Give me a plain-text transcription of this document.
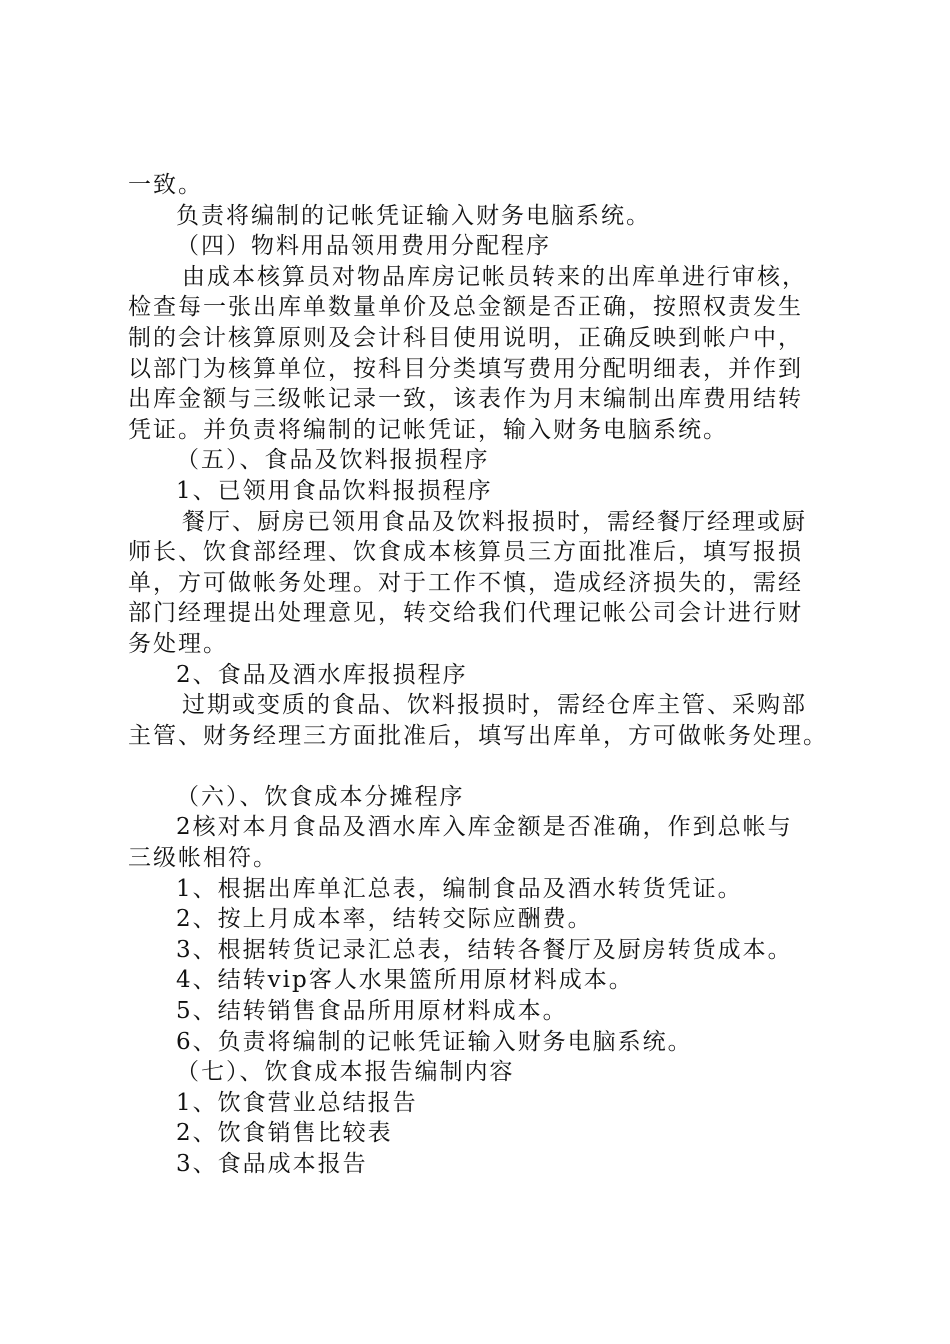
一致。

负责将编制的记帐凭证输入财务电脑系统。

（四）物料用品领用费用分配程序

由成本核算员对物品库房记帐员转来的出库单进行审核，

检查每一张出库单数量单价及总金额是否正确，按照权责发生

制的会计核算原则及会计科目使用说明，正确反映到帐户中，

以部门为核算单位，按科目分类填写费用分配明细表，并作到

出库金额与三级帐记录一致，该表作为月末编制出库费用结转

凭证。并负责将编制的记帐凭证，输入财务电脑系统。

（五）、食品及饮料报损程序

1、已领用食品饮料报损程序

餐厅、厨房已领用食品及饮料报损时，需经餐厅经理或厨

师长、饮食部经理、饮食成本核算员三方面批准后，填写报损

单，方可做帐务处理。对于工作不慎，造成经济损失的，需经

部门经理提出处理意见，转交给我们代理记帐公司会计进行财

务处理。

2、食品及酒水库报损程序

过期或变质的食品、饮料报损时，需经仓库主管、采购部

主管、财务经理三方面批准后，填写出库单，方可做帐务处理。

（六）、饮食成本分摊程序

2核对本月食品及酒水库入库金额是否准确，作到总帐与

三级帐相符。

1、根据出库单汇总表，编制食品及酒水转货凭证。

2、按上月成本率，结转交际应酬费。

3、根据转货记录汇总表，结转各餐厅及厨房转货成本。

4、结转vip客人水果篮所用原材料成本。

5、结转销售食品所用原材料成本。

6、负责将编制的记帐凭证输入财务电脑系统。

（七）、饮食成本报告编制内容

1、饮食营业总结报告

2、饮食销售比较表

3、食品成本报告
